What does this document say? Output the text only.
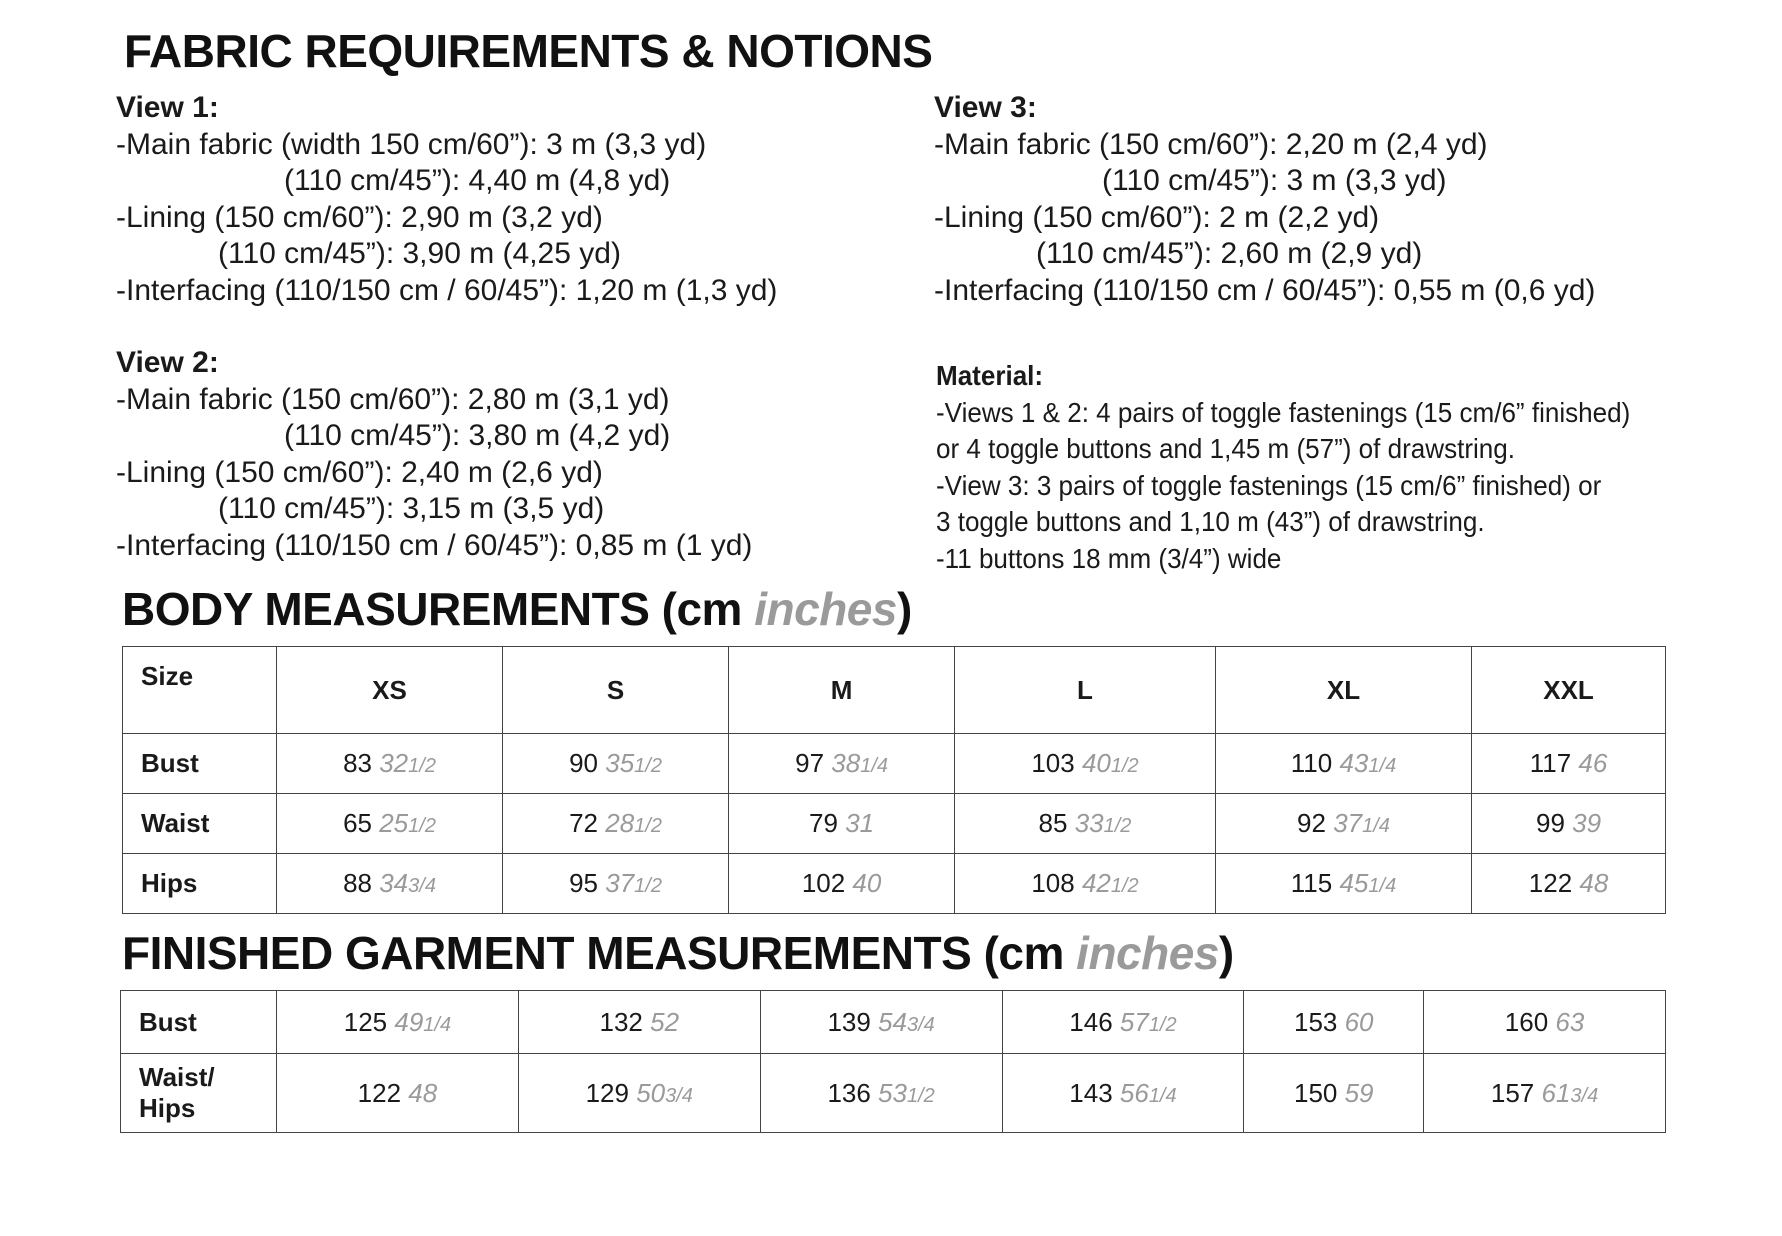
FABRIC REQUIREMENTS & NOTIONS
View 1:
-Main fabric (width 150 cm/60”): 3 m (3,3 yd)
(110 cm/45”): 4,40 m (4,8 yd)
-Lining (150 cm/60”): 2,90 m (3,2 yd)
(110 cm/45”): 3,90 m (4,25 yd)
-Interfacing (110/150 cm / 60/45”): 1,20 m (1,3 yd)
View 2:
-Main fabric (150 cm/60”): 2,80 m (3,1 yd)
(110 cm/45”): 3,80 m (4,2 yd)
-Lining (150 cm/60”): 2,40 m (2,6 yd)
(110 cm/45”): 3,15 m (3,5 yd)
-Interfacing (110/150 cm / 60/45”): 0,85 m (1 yd)
View 3:
-Main fabric (150 cm/60”): 2,20 m (2,4 yd)
(110 cm/45”): 3 m (3,3 yd)
-Lining (150 cm/60”): 2 m (2,2 yd)
(110 cm/45”): 2,60 m (2,9 yd)
-Interfacing (110/150 cm / 60/45”): 0,55 m (0,6 yd)
Material:
-Views 1 & 2: 4 pairs of toggle fastenings (15 cm/6” finished)
or 4 toggle buttons and 1,45 m (57”) of drawstring.
-View 3: 3 pairs of toggle fastenings (15 cm/6” finished) or
3 toggle buttons and 1,10 m (43”) of drawstring.
-11 buttons 18 mm (3/4”) wide
BODY MEASUREMENTS (cm inches)
Size	XS	S	M	L	XL	XXL
Bust	83 321/2	90 351/2	97 381/4	103 401/2	110 431/4	117 46
Waist	65 251/2	72 281/2	79 31	85 331/2	92 371/4	99 39
Hips	88 343/4	95 371/2	102 40	108 421/2	115 451/4	122 48
FINISHED GARMENT MEASUREMENTS (cm inches)
Bust	125 491/4	132 52	139 543/4	146 571/2	153 60	160 63
Waist/
Hips	122 48	129 503/4	136 531/2	143 561/4	150 59	157 613/4
